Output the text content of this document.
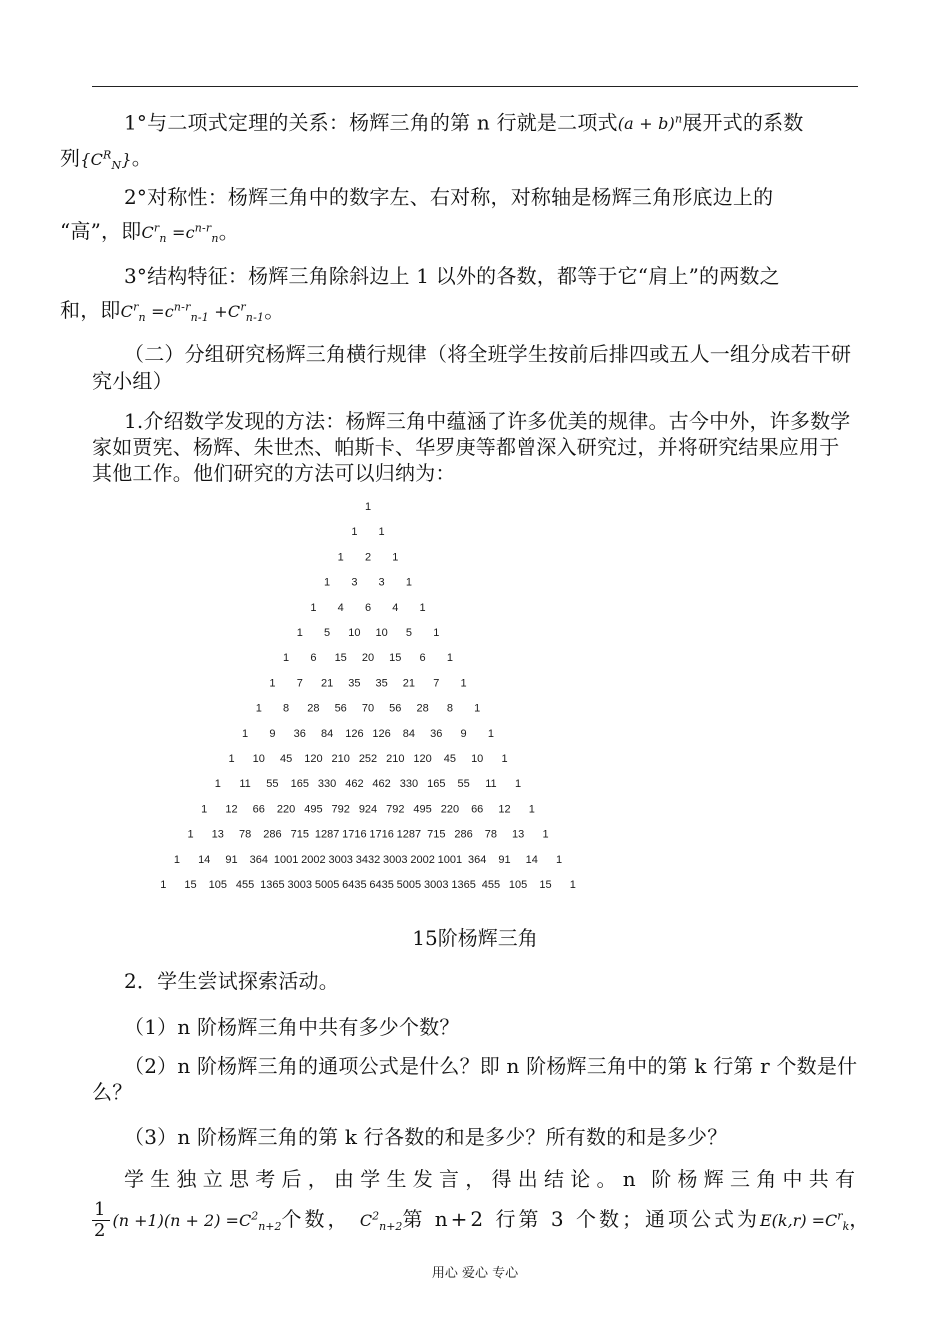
1°与二项式定理的关系：杨辉三角的第 n 行就是二项式$(a + b)^n$展开式的系数
列$\{C^R_N\}$。
2°对称性：杨辉三角中的数字左、右对称，对称轴是杨辉三角形底边上的
“高”，即$C^r_n =c^{n-r}_n$。
3°结构特征：杨辉三角除斜边上 1 以外的各数，都等于它“肩上”的两数之
和，即$C^r_n =c^{n-r}_{n-1} +C^r_{n-1}$。
（二）分组研究杨辉三角横行规律（将全班学生按前后排四或五人一组分成若干研究小组）
1.介绍数学发现的方法：杨辉三角中蕴涵了许多优美的规律。古今中外，许多数学家如贾宪、杨辉、朱世杰、帕斯卡、华罗庚等都曾深入研究过，并将研究结果应用于其他工作。他们研究的方法可以归纳为：
1
1 1
1 2 1
1 3 3 1
1 4 6 4 1
1 5 10 10 5 1
1 6 15 20 15 6 1
1 7 21 35 35 21 7 1
1 8 28 56 70 56 28 8 1
1 9 36 84 126 126 84 36 9 1
1 10 45 120 210 252 210 120 45 10 1
1 11 55 165 330 462 462 330 165 55 11 1
1 12 66 220 495 792 924 792 495 220 66 12 1
1 13 78 286 715 1287 1716 1716 1287 715 286 78 13 1
1 14 91 364 1001 2002 3003 3432 3003 2002 1001 364 91 14 1
1 15 105 455 1365 3003 5005 6435 6435 5005 3003 1365 455 105 15 1
15阶杨辉三角
2．学生尝试探索活动。
（1）n 阶杨辉三角中共有多少个数？
（2）n 阶杨辉三角的通项公式是什么？即 n 阶杨辉三角中的第 k 行第 r 个数是什么？
（3）n 阶杨辉三角的第 k 行各数的和是多少？所有数的和是多少？
学生独立思考后，由学生发言，得出结论。n 阶杨辉三角中共有
$\frac{1}{2} (n +1)(n + 2) =C^2_{n+2}$个数， $C^2_{n+2}$第 n+2 行第 3 个数；通项公式为$E(k,r) =C^r_k$，
用心 爱心 专心
